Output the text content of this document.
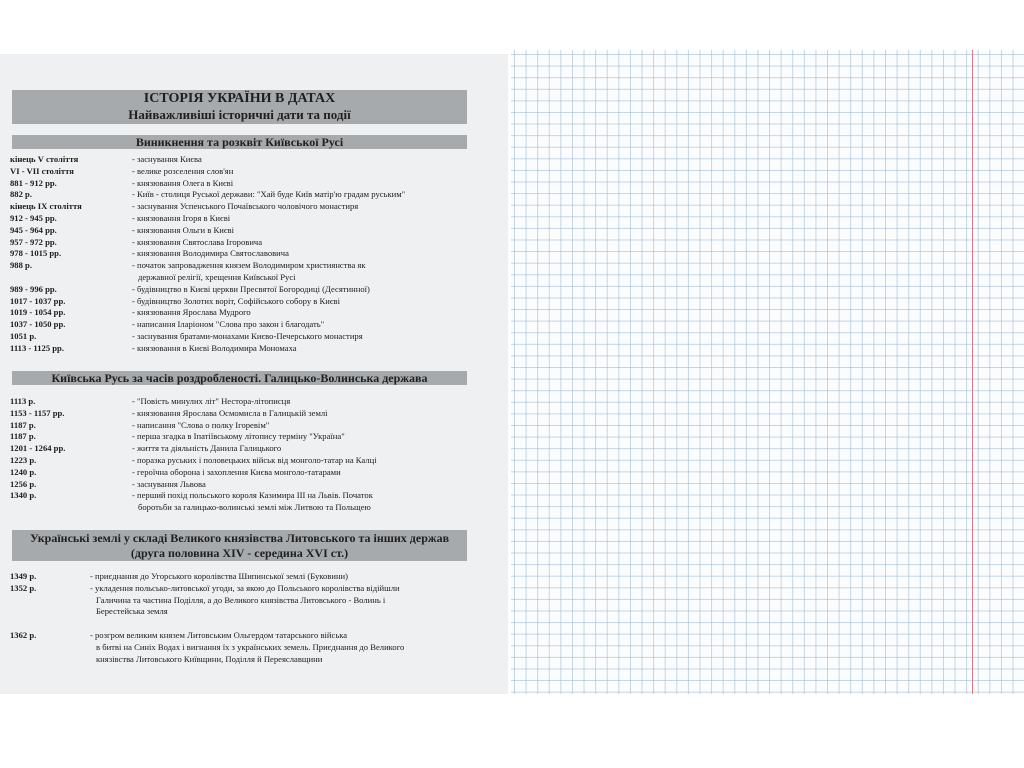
ІСТОРІЯ УКРАЇНИ В ДАТАХ
Найважливіші історичні дати та події
Виникнення та розквіт Київської Русі
кінець V століття	- заснування Києва
VI - VII століття	- велике розселення слов'ян
881 - 912 рр.	- князювання Олега в Києві
882 р.	- Київ - столиця Руської держави: "Хай буде Київ матір'ю градам руським"
кінець IX століття	- заснування Успенського Почаївського чоловічого монастиря
912 - 945 рр.	- князювання Ігоря в Києві
945 - 964 рр.	- князювання Ольги в Києві
957 - 972 рр.	- князювання Святослава Ігоровича
978 - 1015 рр.	- князювання Володимира Святославовича
988 р.	- початок запровадження князем Володимиром християнства як
державної релігії, хрещення Київської Русі
989 - 996 рр.	- будівництво в Києві церкви Пресвятої Богородиці (Десятинної)
1017 - 1037 рр.	- будівництво Золотих воріт, Софійського собору в Києві
1019 - 1054 рр.	- князювання Ярослава Мудрого
1037 - 1050 рр.	- написання Іларіоном "Слова про закон і благодать"
1051 р.	- заснування братами-монахами Києво-Печерського монастиря
1113 - 1125 рр.	- князювання в Києві Володимира Мономаха
Київська Русь за часів роздробленості. Галицько-Волинська держава
1113 р.	- "Повість минулих літ" Нестора-літописця
1153 - 1157 рр.	- князювання Ярослава Осмомисла в Галицькій землі
1187 р.	- написання "Слова о полку Ігоревім"
1187 р.	- перша згадка в Іпатіївському літопису терміну "Україна"
1201 - 1264 рр.	- життя та діяльність Данила Галицького
1223 р.	- поразка руських і половецьких військ від монголо-татар на Калці
1240 р.	- героїчна оборона і захоплення Києва монголо-татарами
1256 р.	- заснування Львова
1340 р.	- перший похід польського короля Казимира ІІІ на Львів. Початок
боротьби за галицько-волинські землі між Литвою та Польщею
Українські землі у складі Великого князівства Литовського та інших держав
(друга половина XIV - середина XVI ст.)
1349 р.	- приєднання до Угорського королівства Шипинської землі (Буковини)
1352 р.	- укладення польсько-литовської угоди, за якою до Польського королівства відійшли
Галичина та частина Поділля, а до Великого князівства Литовського - Волинь і
Берестейська земля
1362 р.	- розгром великим князем Литовським Ольгердом татарського війська
в битві на Синіх Водах і вигнання їх з українських земель. Приєднання до Великого
князівства Литовського Київщини, Поділля й Переяславщини
